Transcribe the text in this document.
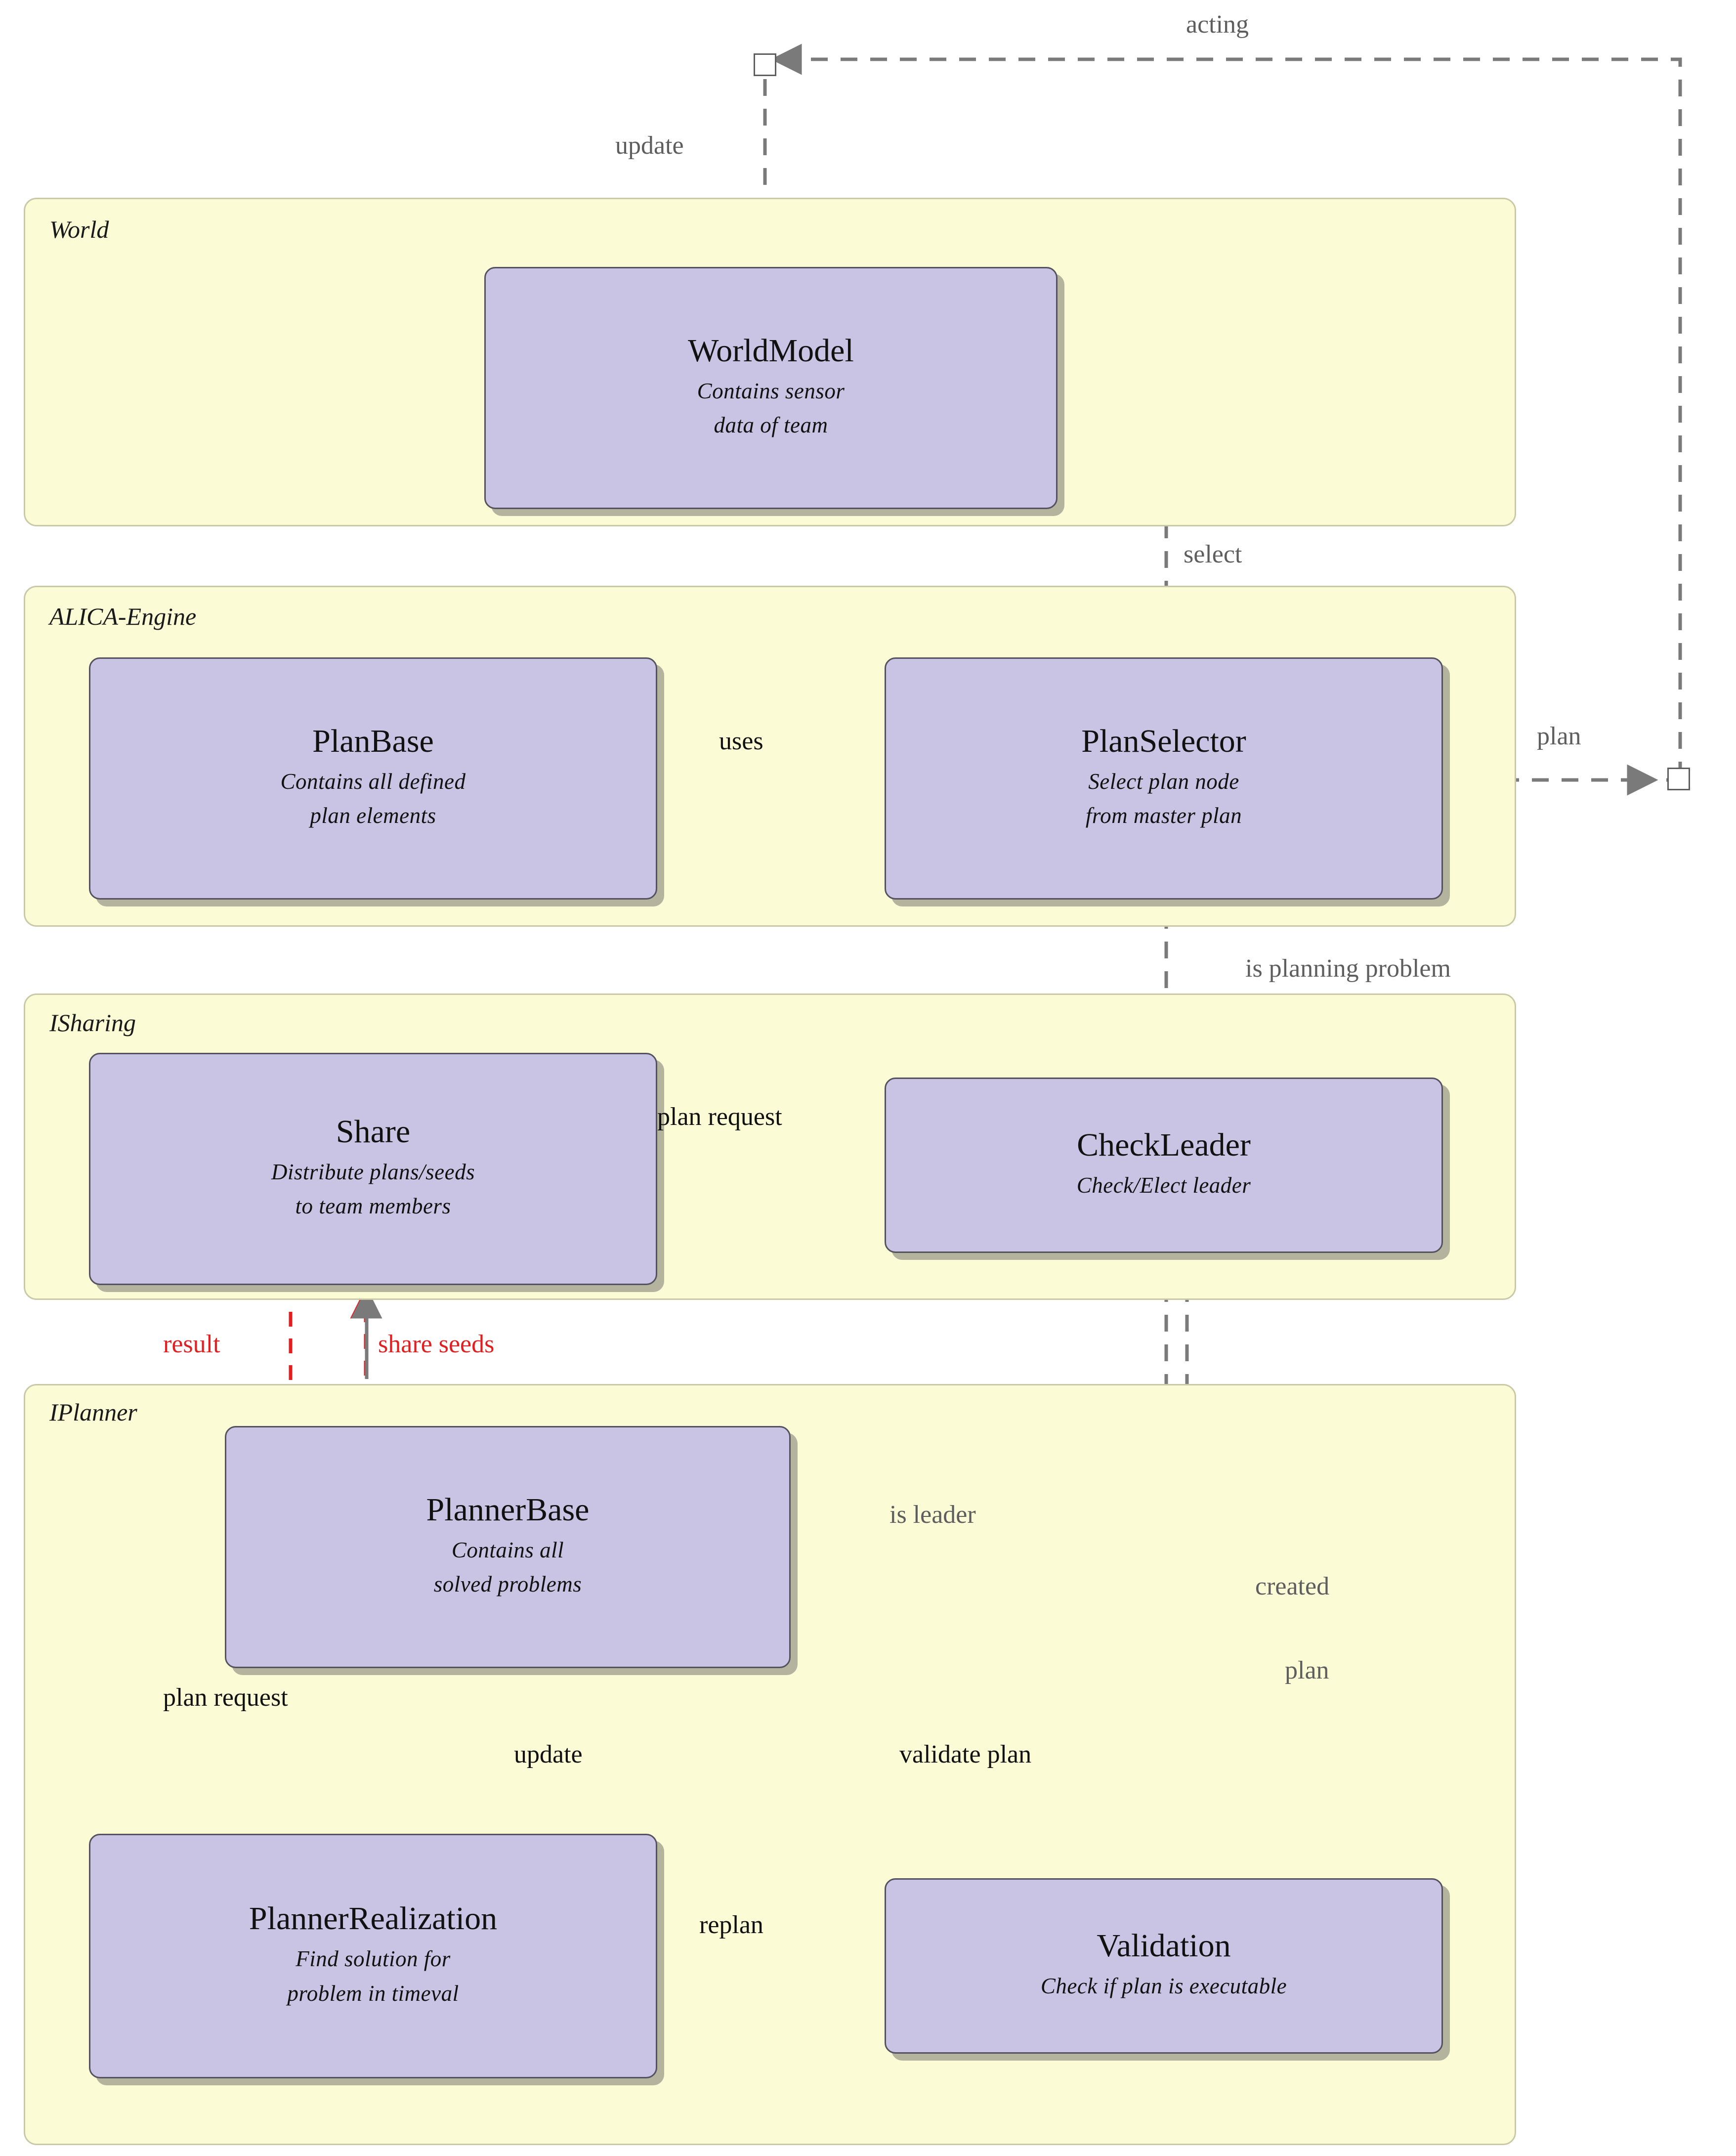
World
ALICA-Engine
ISharing
IPlanner
WorldModel
Contains sensor
data of team
PlanBase
Contains all defined
plan elements
PlanSelector
Select plan node
from master plan
Share
Distribute plans/seeds
to team members
CheckLeader
Check/Elect leader
PlannerBase
Contains all
solved problems
PlannerRealization
Find solution for
problem in timeval
Validation
Check if plan is executable
acting
update
select
uses	plan
is planning problem
plan request
result	share seeds
is leader
created
plan
plan request
update	validate plan
replan
